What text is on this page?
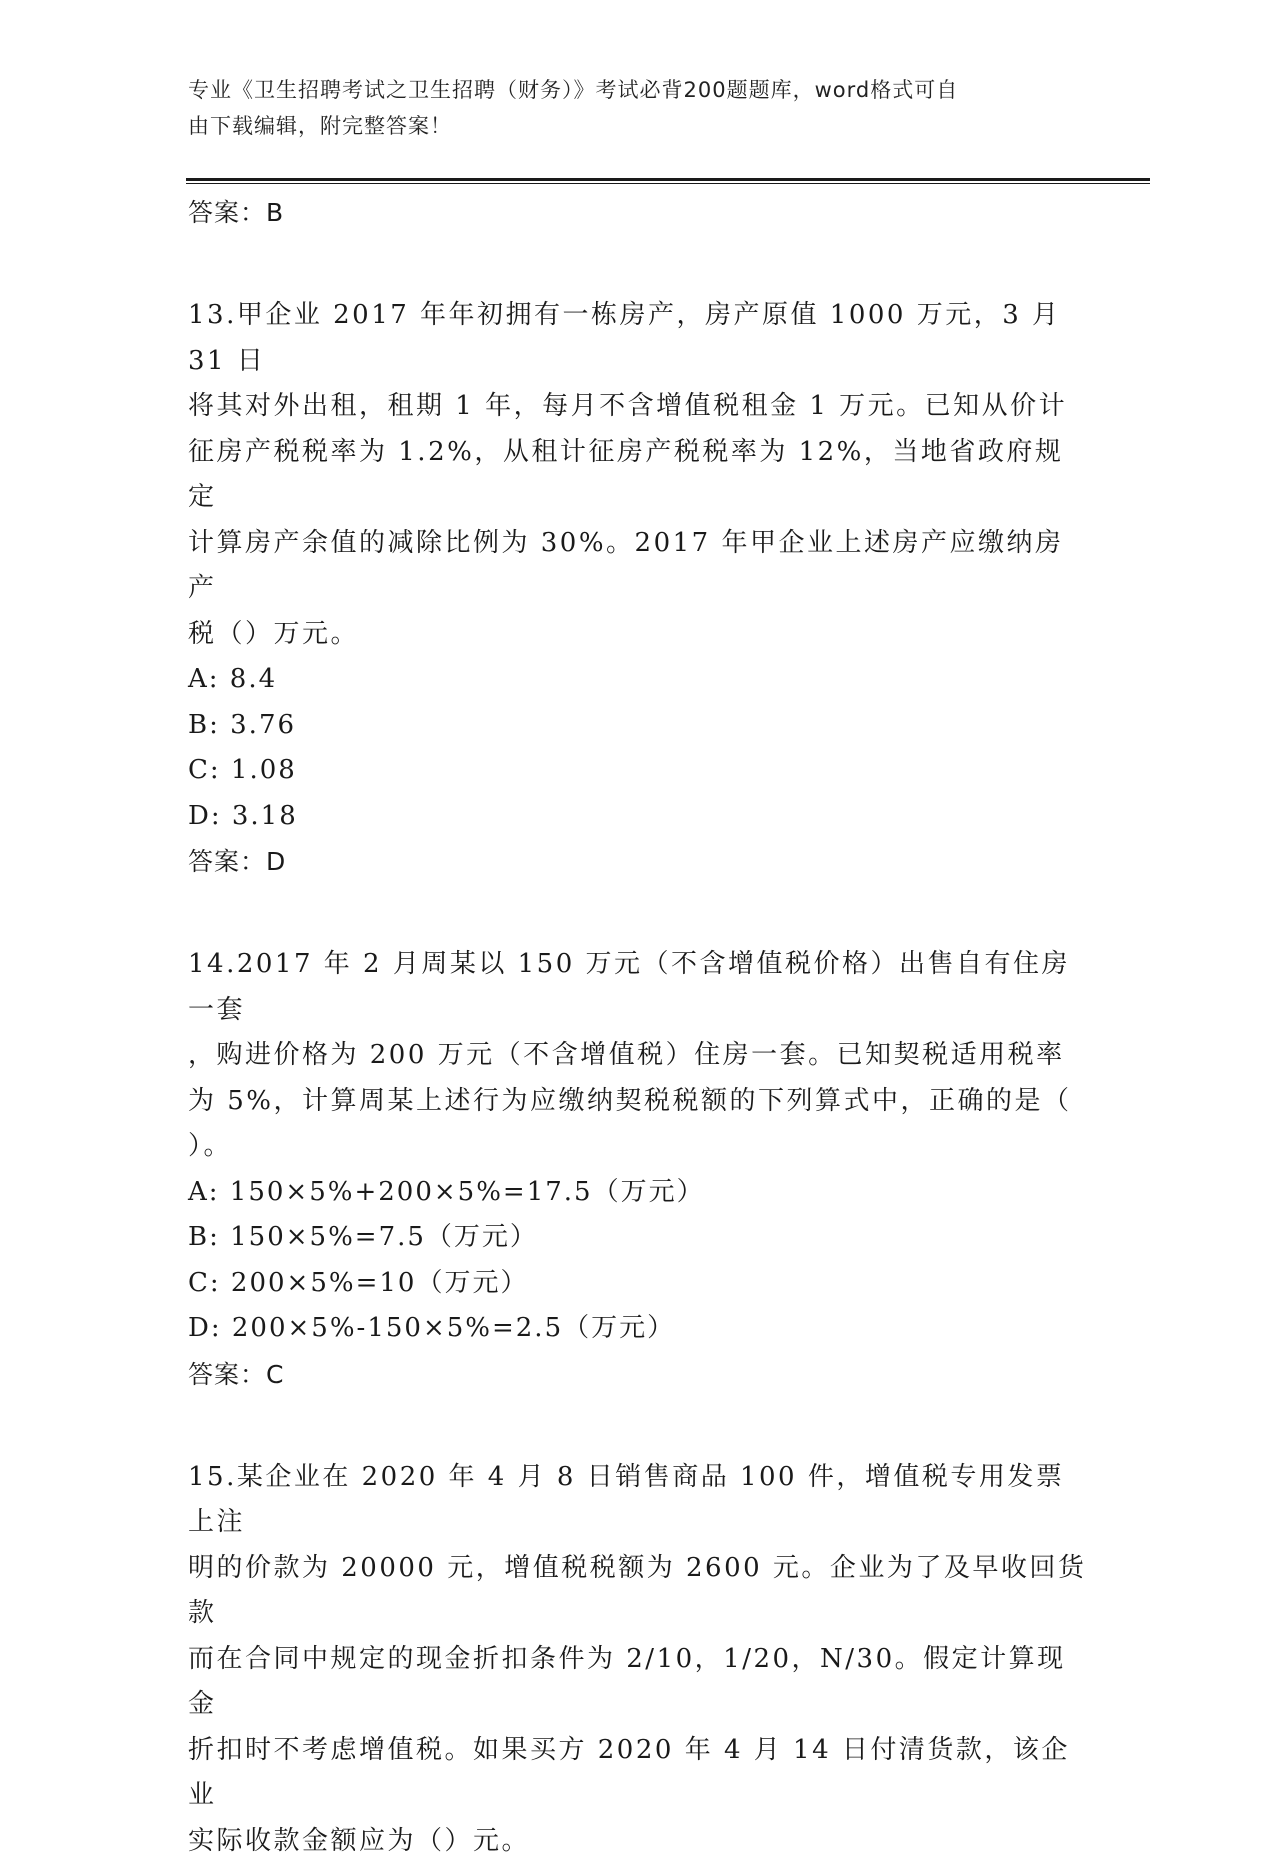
专业《卫生招聘考试之卫生招聘（财务）》考试必背200题题库，word格式可自
由下载编辑，附完整答案！

答案：B

13.甲企业 2017 年年初拥有一栋房产，房产原值 1000 万元，3 月 31 日

将其对外出租，租期 1 年，每月不含增值税租金 1 万元。已知从价计

征房产税税率为 1.2%，从租计征房产税税率为 12%，当地省政府规定

计算房产余值的减除比例为 30%。2017 年甲企业上述房产应缴纳房产

税（）万元。

A: 8.4

B: 3.76

C: 1.08

D: 3.18

答案：D

14.2017 年 2 月周某以 150 万元（不含增值税价格）出售自有住房一套

，购进价格为 200 万元（不含增值税）住房一套。已知契税适用税率

为 5%，计算周某上述行为应缴纳契税税额的下列算式中，正确的是（

）。

A: 150×5%+200×5%=17.5（万元）

B: 150×5%=7.5（万元）

C: 200×5%=10（万元）

D: 200×5%-150×5%=2.5（万元）

答案：C

15.某企业在 2020 年 4 月 8 日销售商品 100 件，增值税专用发票上注

明的价款为 20000 元，增值税税额为 2600 元。企业为了及早收回货款

而在合同中规定的现金折扣条件为 2/10，1/20，N/30。假定计算现金

折扣时不考虑增值税。如果买方 2020 年 4 月 14 日付清货款，该企业

实际收款金额应为（）元。
